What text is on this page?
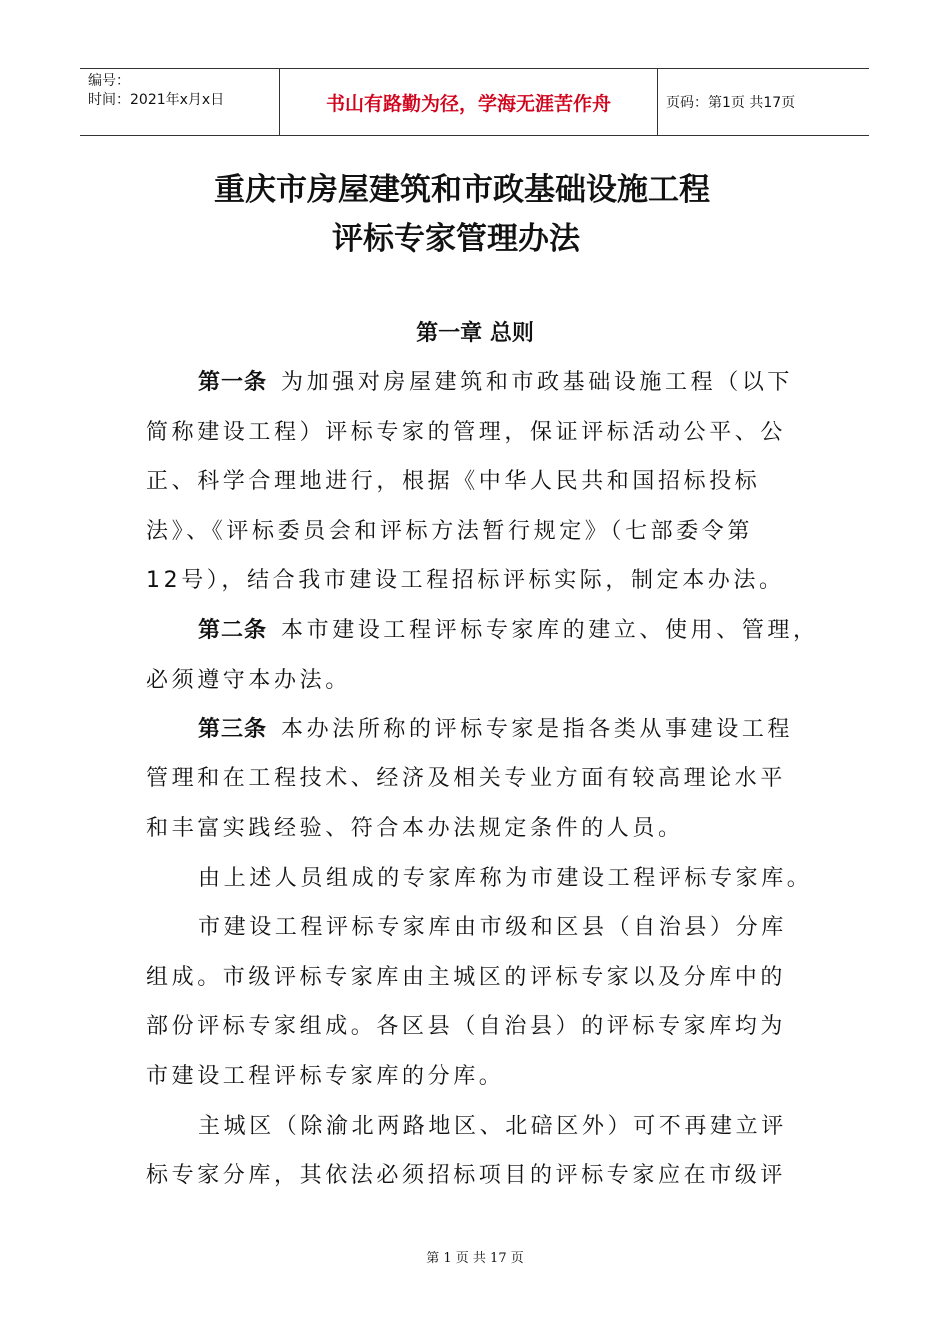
编号：
时间：2021年x月x日	书山有路勤为径，学海无涯苦作舟	页码：第1页 共17页
重庆市房屋建筑和市政基础设施工程
评标专家管理办法
第一章 总则
第一条 为加强对房屋建筑和市政基础设施工程（以下
简称建设工程）评标专家的管理，保证评标活动公平、公
正、科学合理地进行，根据《中华人民共和国招标投标
法》、《评标委员会和评标方法暂行规定》（七部委令第
12号），结合我市建设工程招标评标实际，制定本办法。
第二条 本市建设工程评标专家库的建立、使用、管理，
必须遵守本办法。
第三条 本办法所称的评标专家是指各类从事建设工程
管理和在工程技术、经济及相关专业方面有较高理论水平
和丰富实践经验、符合本办法规定条件的人员。
由上述人员组成的专家库称为市建设工程评标专家库。
市建设工程评标专家库由市级和区县（自治县）分库
组成。市级评标专家库由主城区的评标专家以及分库中的
部份评标专家组成。各区县（自治县）的评标专家库均为
市建设工程评标专家库的分库。
主城区（除渝北两路地区、北碚区外）可不再建立评
标专家分库，其依法必须招标项目的评标专家应在市级评
第 1 页 共 17 页
